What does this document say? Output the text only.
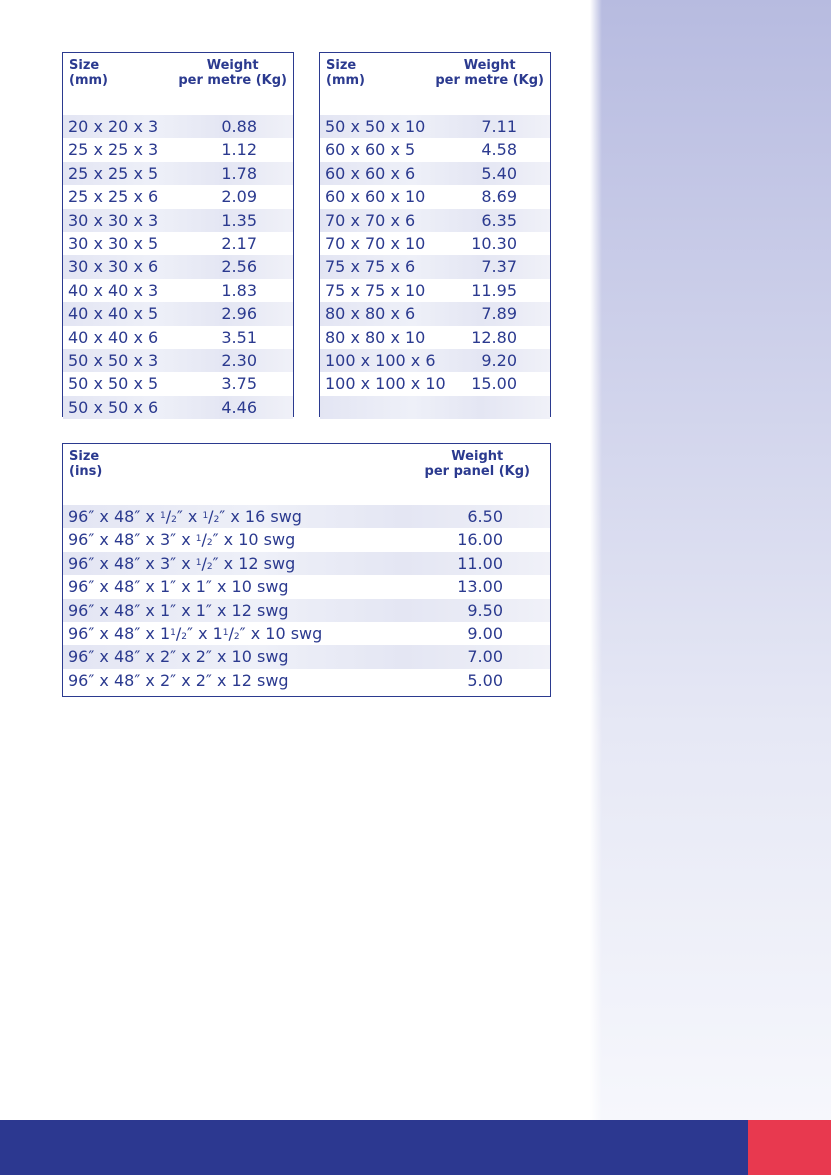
Size
(mm)
Weight
per metre (Kg)
20 x 20 x 3	0.88
25 x 25 x 3	1.12
25 x 25 x 5	1.78
25 x 25 x 6	2.09
30 x 30 x 3	1.35
30 x 30 x 5	2.17
30 x 30 x 6	2.56
40 x 40 x 3	1.83
40 x 40 x 5	2.96
40 x 40 x 6	3.51
50 x 50 x 3	2.30
50 x 50 x 5	3.75
50 x 50 x 6	4.46
Size
(mm)
Weight
per metre (Kg)
50 x 50 x 10	7.11
60 x 60 x 5	4.58
60 x 60 x 6	5.40
60 x 60 x 10	8.69
70 x 70 x 6	6.35
70 x 70 x 10	10.30
75 x 75 x 6	7.37
75 x 75 x 10	11.95
80 x 80 x 6	7.89
80 x 80 x 10	12.80
100 x 100 x 6	9.20
100 x 100 x 10 15.00
Size
(ins)
Weight
per panel (Kg)
96″ x 48″ x $^1$/2″ x $^1$/2″ x 16 swg	6.50
96″ x 48″ x 3″ x $^1$/2″ x 10 swg	16.00
96″ x 48″ x 3″ x $^1$/2″ x 12 swg	11.00
96″ x 48″ x 1″ x 1″ x 10 swg	13.00
96″ x 48″ x 1″ x 1″ x 12 swg	9.50
96″ x 48″ x $1^1/2''$ x $1^1/2''$ x 10 swg	9.00
96″ x 48″ x 2″ x 2″ x 10 swg	7.00
96″ x 48″ x 2″ x 2″ x 12 swg	5.00
